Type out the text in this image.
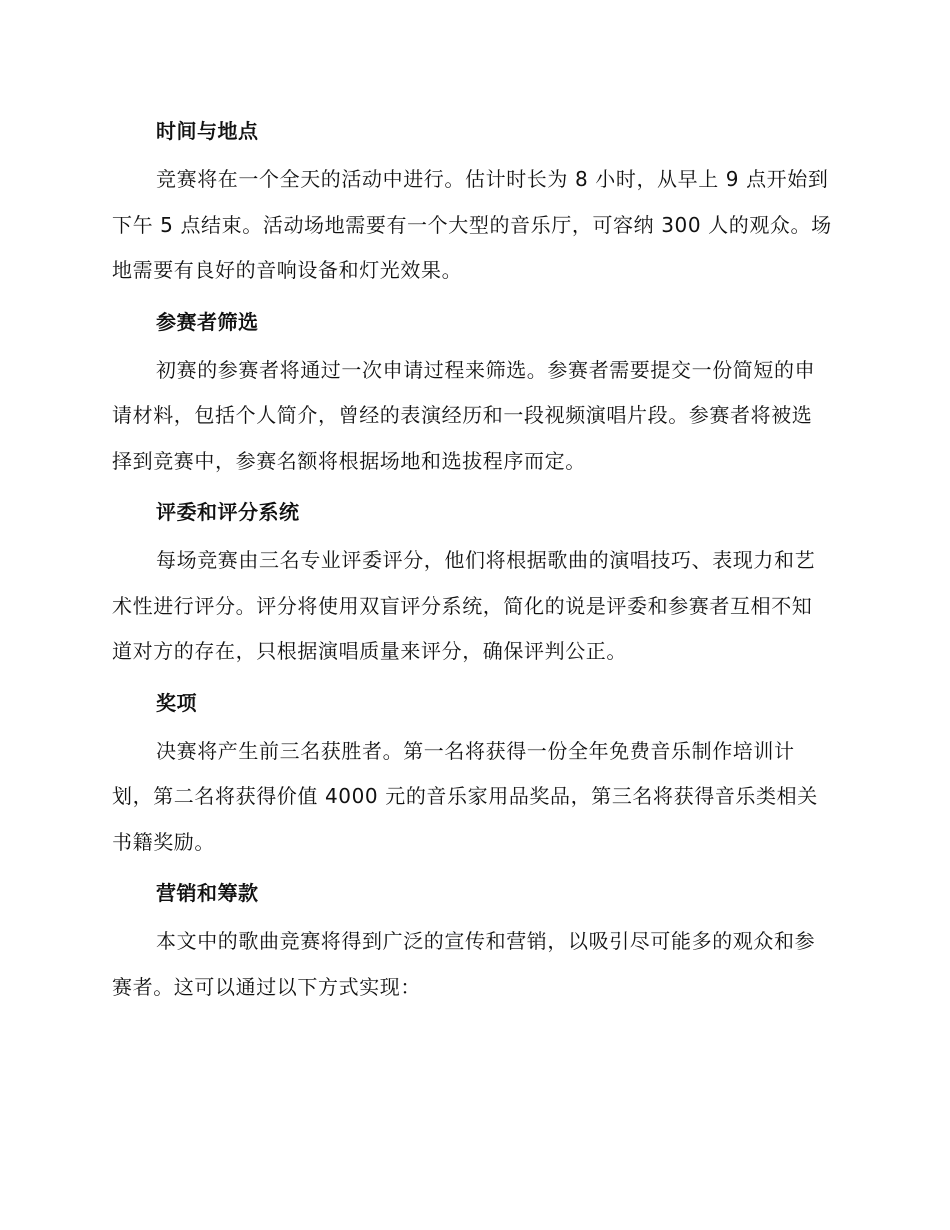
时间与地点

竞赛将在一个全天的活动中进行。估计时长为 8 小时，从早上 9 点开始到下午 5 点结束。活动场地需要有一个大型的音乐厅，可容纳 300 人的观众。场地需要有良好的音响设备和灯光效果。

参赛者筛选

初赛的参赛者将通过一次申请过程来筛选。参赛者需要提交一份简短的申请材料，包括个人简介，曾经的表演经历和一段视频演唱片段。参赛者将被选择到竞赛中，参赛名额将根据场地和选拔程序而定。

评委和评分系统

每场竞赛由三名专业评委评分，他们将根据歌曲的演唱技巧、表现力和艺术性进行评分。评分将使用双盲评分系统，简化的说是评委和参赛者互相不知道对方的存在，只根据演唱质量来评分，确保评判公正。

奖项

决赛将产生前三名获胜者。第一名将获得一份全年免费音乐制作培训计划，第二名将获得价值 4000 元的音乐家用品奖品，第三名将获得音乐类相关书籍奖励。

营销和筹款

本文中的歌曲竞赛将得到广泛的宣传和营销，以吸引尽可能多的观众和参赛者。这可以通过以下方式实现：
